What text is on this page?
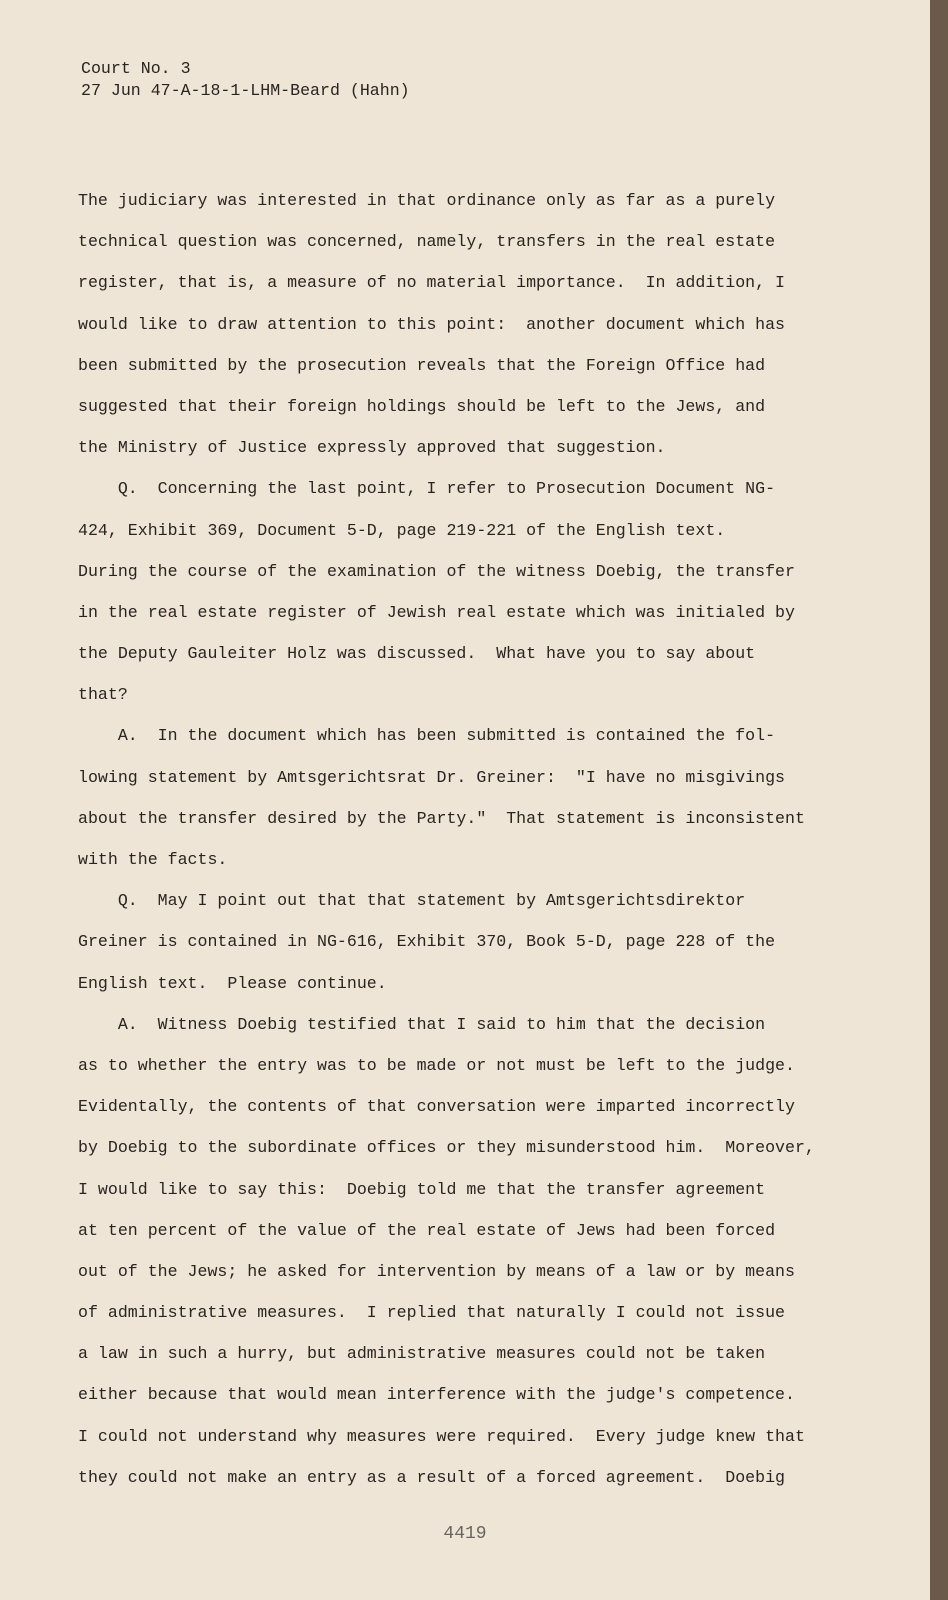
Court No. 3
27 Jun 47-A-18-1-LHM-Beard (Hahn)
The judiciary was interested in that ordinance only as far as a purely
technical question was concerned, namely, transfers in the real estate
register, that is, a measure of no material importance.  In addition, I
would like to draw attention to this point:  another document which has
been submitted by the prosecution reveals that the Foreign Office had
suggested that their foreign holdings should be left to the Jews, and
the Ministry of Justice expressly approved that suggestion.
Q.  Concerning the last point, I refer to Prosecution Document NG-
424, Exhibit 369, Document 5-D, page 219-221 of the English text.
During the course of the examination of the witness Doebig, the transfer
in the real estate register of Jewish real estate which was initialed by
the Deputy Gauleiter Holz was discussed.  What have you to say about
that?
A.  In the document which has been submitted is contained the fol-
lowing statement by Amtsgerichtsrat Dr. Greiner:  "I have no misgivings
about the transfer desired by the Party."  That statement is inconsistent
with the facts.
Q.  May I point out that that statement by Amtsgerichtsdirektor
Greiner is contained in NG-616, Exhibit 370, Book 5-D, page 228 of the
English text.  Please continue.
A.  Witness Doebig testified that I said to him that the decision
as to whether the entry was to be made or not must be left to the judge.
Evidentally, the contents of that conversation were imparted incorrectly
by Doebig to the subordinate offices or they misunderstood him.  Moreover,
I would like to say this:  Doebig told me that the transfer agreement
at ten percent of the value of the real estate of Jews had been forced
out of the Jews; he asked for intervention by means of a law or by means
of administrative measures.  I replied that naturally I could not issue
a law in such a hurry, but administrative measures could not be taken
either because that would mean interference with the judge's competence.
I could not understand why measures were required.  Every judge knew that
they could not make an entry as a result of a forced agreement.  Doebig
4419
